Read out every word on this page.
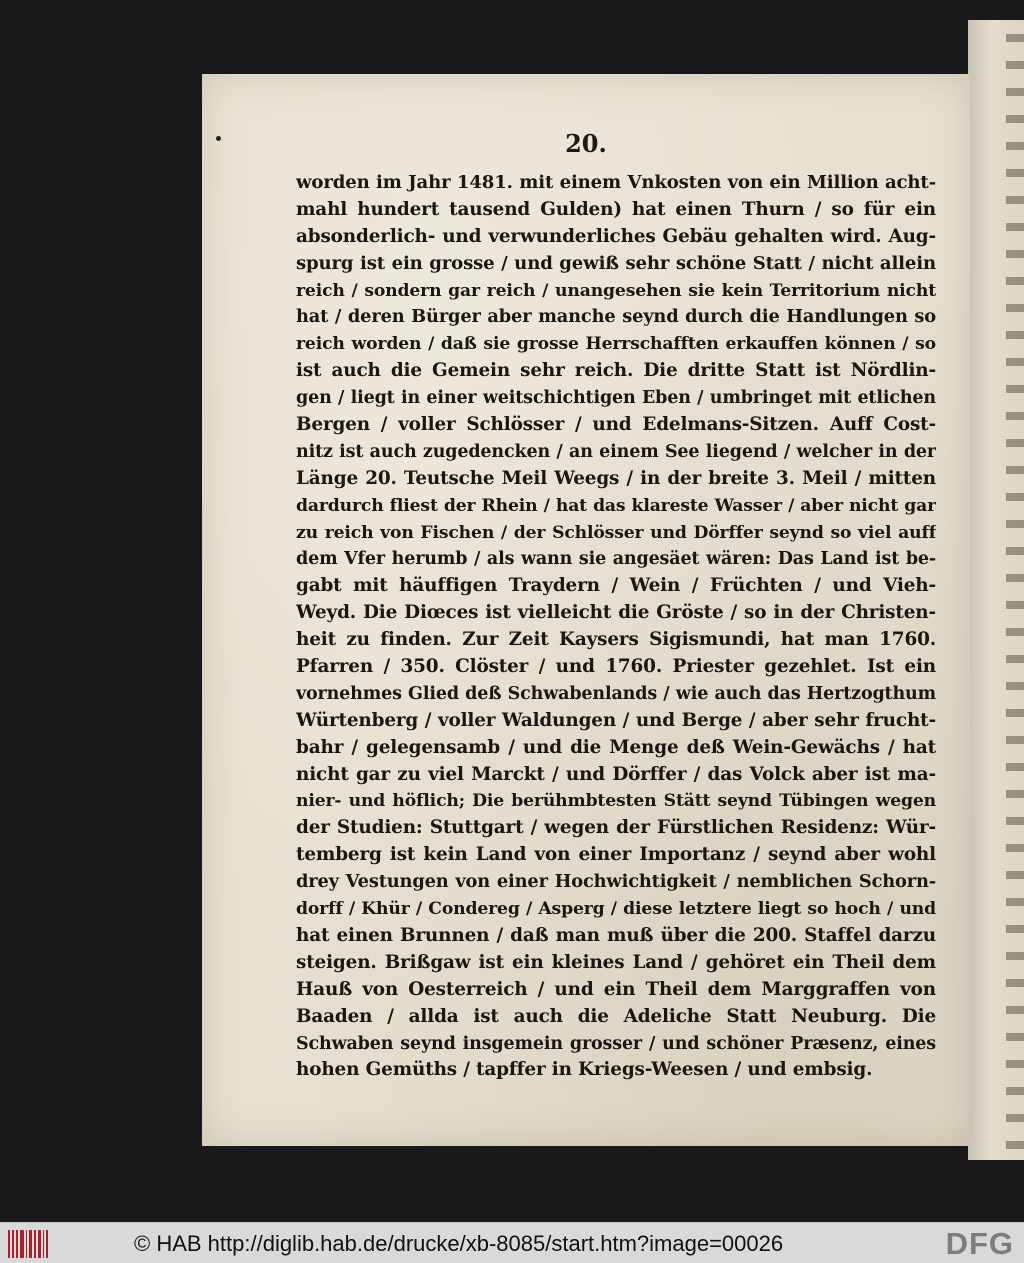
20.
worden im Jahr 1481. mit einem Vnkosten von ein Million acht-
mahl hundert tausend Gulden) hat einen Thurn / so für ein
absonderlich- und verwunderliches Gebäu gehalten wird. Aug-
spurg ist ein grosse / und gewiß sehr schöne Statt / nicht allein
reich / sondern gar reich / unangesehen sie kein Territorium nicht
hat / deren Bürger aber manche seynd durch die Handlungen so
reich worden / daß sie grosse Herrschafften erkauffen können / so
ist auch die Gemein sehr reich. Die dritte Statt ist Nördlin-
gen / liegt in einer weitschichtigen Eben / umbringet mit etlichen
Bergen / voller Schlösser / und Edelmans-Sitzen. Auff Cost-
nitz ist auch zugedencken / an einem See liegend / welcher in der
Länge 20. Teutsche Meil Weegs / in der breite 3. Meil / mitten
dardurch fliest der Rhein / hat das klareste Wasser / aber nicht gar
zu reich von Fischen / der Schlösser und Dörffer seynd so viel auff
dem Vfer herumb / als wann sie angesäet wären: Das Land ist be-
gabt mit häuffigen Traydern / Wein / Früchten / und Vieh-
Weyd. Die Diœces ist vielleicht die Gröste / so in der Christen-
heit zu finden. Zur Zeit Kaysers Sigismundi, hat man 1760.
Pfarren / 350. Clöster / und 1760. Priester gezehlet. Ist ein
vornehmes Glied deß Schwabenlands / wie auch das Hertzogthum
Würtenberg / voller Waldungen / und Berge / aber sehr frucht-
bahr / gelegensamb / und die Menge deß Wein-Gewächs / hat
nicht gar zu viel Marckt / und Dörffer / das Volck aber ist ma-
nier- und höflich; Die berühmbtesten Stätt seynd Tübingen wegen
der Studien: Stuttgart / wegen der Fürstlichen Residenz: Wür-
temberg ist kein Land von einer Importanz / seynd aber wohl
drey Vestungen von einer Hochwichtigkeit / nemblichen Schorn-
dorff / Khür / Condereg / Asperg / diese letztere liegt so hoch / und
hat einen Brunnen / daß man muß über die 200. Staffel darzu
steigen. Brißgaw ist ein kleines Land / gehöret ein Theil dem
Hauß von Oesterreich / und ein Theil dem Marggraffen von
Baaden / allda ist auch die Adeliche Statt Neuburg. Die
Schwaben seynd insgemein grosser / und schöner Præsenz, eines
hohen Gemüths / tapffer in Kriegs-Weesen / und embsig.
© HAB http://diglib.hab.de/drucke/xb-8085/start.htm?image=00026	DFG
